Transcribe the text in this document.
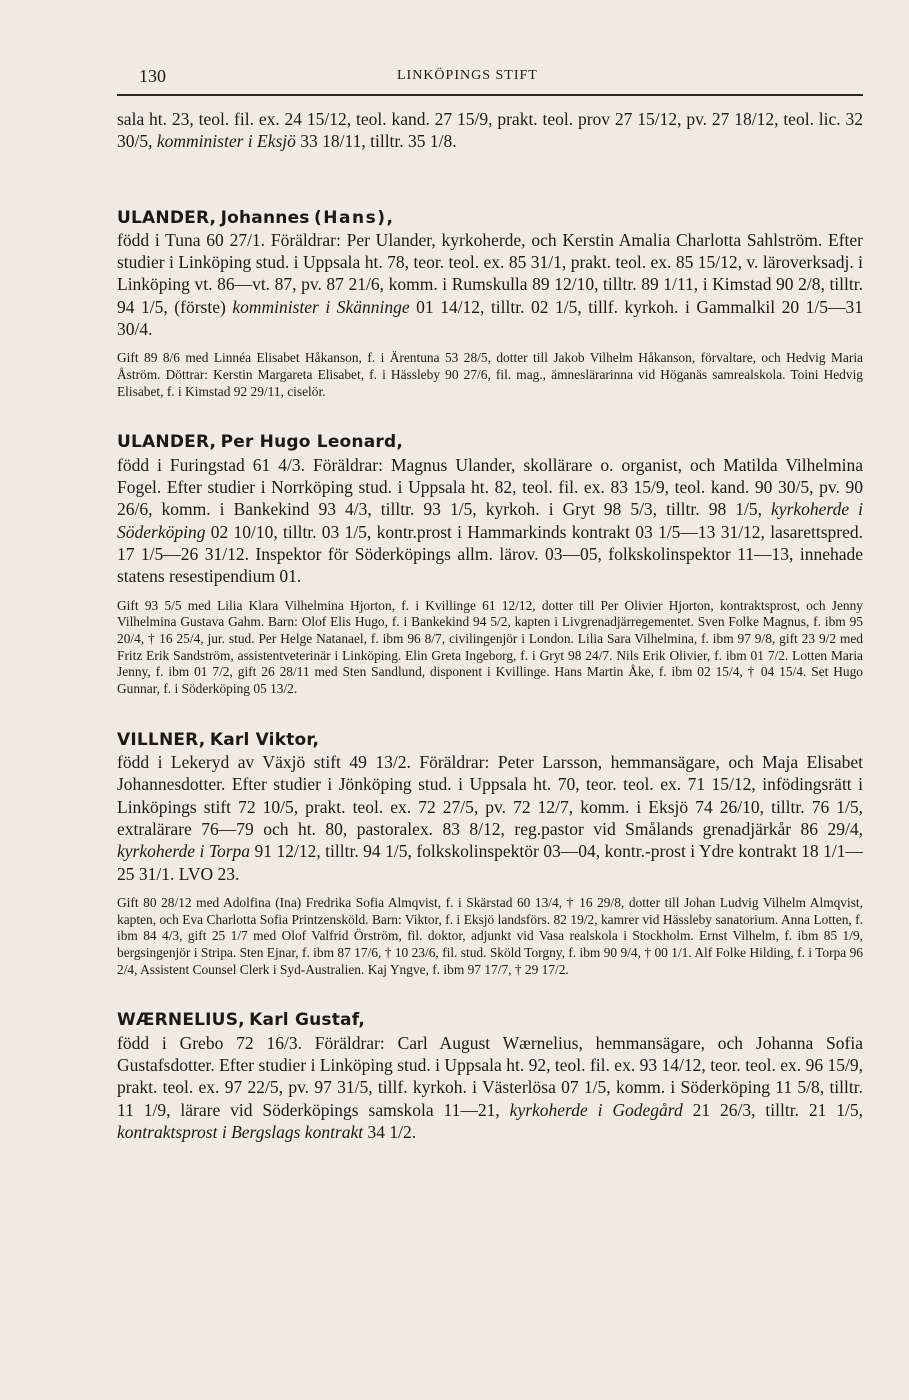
130	LINKÖPINGS STIFT

sala ht. 23, teol. fil. ex. 24 15/12, teol. kand. 27 15/9, prakt. teol. prov 27 15/12, pv. 27 18/12, teol. lic. 32 30/5, komminister i Eksjö 33 18/11, tilltr. 35 1/8.

ULANDER, Johannes (Hans),

född i Tuna 60 27/1. Föräldrar: Per Ulander, kyrkoherde, och Kerstin Amalia Charlotta Sahlström. Efter studier i Linköping stud. i Uppsala ht. 78, teor. teol. ex. 85 31/1, prakt. teol. ex. 85 15/12, v. läroverksadj. i Linköping vt. 86—vt. 87, pv. 87 21/6, komm. i Rumskulla 89 12/10, tilltr. 89 1/11, i Kimstad 90 2/8, tilltr. 94 1/5, (förste) komminister i Skänninge 01 14/12, tilltr. 02 1/5, tillf. kyrkoh. i Gammalkil 20 1/5—31 30/4.

Gift 89 8/6 med Linnéa Elisabet Håkanson, f. i Ärentuna 53 28/5, dotter till Jakob Vilhelm Håkanson, förvaltare, och Hedvig Maria Åström. Döttrar: Kerstin Margareta Elisabet, f. i Hässleby 90 27/6, fil. mag., ämneslärarinna vid Höganäs samrealskola. Toini Hedvig Elisabet, f. i Kimstad 92 29/11, ciselör.

ULANDER, Per Hugo Leonard,

född i Furingstad 61 4/3. Föräldrar: Magnus Ulander, skollärare o. organist, och Matilda Vilhelmina Fogel. Efter studier i Norrköping stud. i Uppsala ht. 82, teol. fil. ex. 83 15/9, teol. kand. 90 30/5, pv. 90 26/6, komm. i Bankekind 93 4/3, tilltr. 93 1/5, kyrkoh. i Gryt 98 5/3, tilltr. 98 1/5, kyrkoherde i Söderköping 02 10/10, tilltr. 03 1/5, kontr.prost i Hammarkinds kontrakt 03 1/5—13 31/12, lasarettspred. 17 1/5—26 31/12. Inspektor för Söderköpings allm. lärov. 03—05, folkskolinspektor 11—13, innehade statens resestipendium 01.

Gift 93 5/5 med Lilia Klara Vilhelmina Hjorton, f. i Kvillinge 61 12/12, dotter till Per Olivier Hjorton, kontraktsprost, och Jenny Vilhelmina Gustava Gahm. Barn: Olof Elis Hugo, f. i Bankekind 94 5/2, kapten i Livgrenadjärregementet. Sven Folke Magnus, f. ibm 95 20/4, † 16 25/4, jur. stud. Per Helge Natanael, f. ibm 96 8/7, civilingenjör i London. Lilia Sara Vilhelmina, f. ibm 97 9/8, gift 23 9/2 med Fritz Erik Sandström, assistentveterinär i Linköping. Elin Greta Ingeborg, f. i Gryt 98 24/7. Nils Erik Olivier, f. ibm 01 7/2. Lotten Maria Jenny, f. ibm 01 7/2, gift 26 28/11 med Sten Sandlund, disponent i Kvillinge. Hans Martin Åke, f. ibm 02 15/4, † 04 15/4. Set Hugo Gunnar, f. i Söderköping 05 13/2.

VILLNER, Karl Viktor,

född i Lekeryd av Växjö stift 49 13/2. Föräldrar: Peter Larsson, hemmansägare, och Maja Elisabet Johannesdotter. Efter studier i Jönköping stud. i Uppsala ht. 70, teor. teol. ex. 71 15/12, infödingsrätt i Linköpings stift 72 10/5, prakt. teol. ex. 72 27/5, pv. 72 12/7, komm. i Eksjö 74 26/10, tilltr. 76 1/5, extralärare 76—79 och ht. 80, pastoralex. 83 8/12, reg.pastor vid Smålands grenadjärkår 86 29/4, kyrkoherde i Torpa 91 12/12, tilltr. 94 1/5, folkskolinspektör 03—04, kontr.-prost i Ydre kontrakt 18 1/1—25 31/1. LVO 23.

Gift 80 28/12 med Adolfina (Ina) Fredrika Sofia Almqvist, f. i Skärstad 60 13/4, † 16 29/8, dotter till Johan Ludvig Vilhelm Almqvist, kapten, och Eva Charlotta Sofia Printzensköld. Barn: Viktor, f. i Eksjö landsförs. 82 19/2, kamrer vid Hässleby sanatorium. Anna Lotten, f. ibm 84 4/3, gift 25 1/7 med Olof Valfrid Örström, fil. doktor, adjunkt vid Vasa realskola i Stockholm. Ernst Vilhelm, f. ibm 85 1/9, bergsingenjör i Stripa. Sten Ejnar, f. ibm 87 17/6, † 10 23/6, fil. stud. Sköld Torgny, f. ibm 90 9/4, † 00 1/1. Alf Folke Hilding, f. i Torpa 96 2/4, Assistent Counsel Clerk i Syd-Australien. Kaj Yngve, f. ibm 97 17/7, † 29 17/2.

WÆRNELIUS, Karl Gustaf,

född i Grebo 72 16/3. Föräldrar: Carl August Wærnelius, hemmansägare, och Johanna Sofia Gustafsdotter. Efter studier i Linköping stud. i Uppsala ht. 92, teol. fil. ex. 93 14/12, teor. teol. ex. 96 15/9, prakt. teol. ex. 97 22/5, pv. 97 31/5, tillf. kyrkoh. i Västerlösa 07 1/5, komm. i Söderköping 11 5/8, tilltr. 11 1/9, lärare vid Söderköpings samskola 11—21, kyrkoherde i Godegård 21 26/3, tilltr. 21 1/5, kontraktsprost i Bergslags kontrakt 34 1/2.
